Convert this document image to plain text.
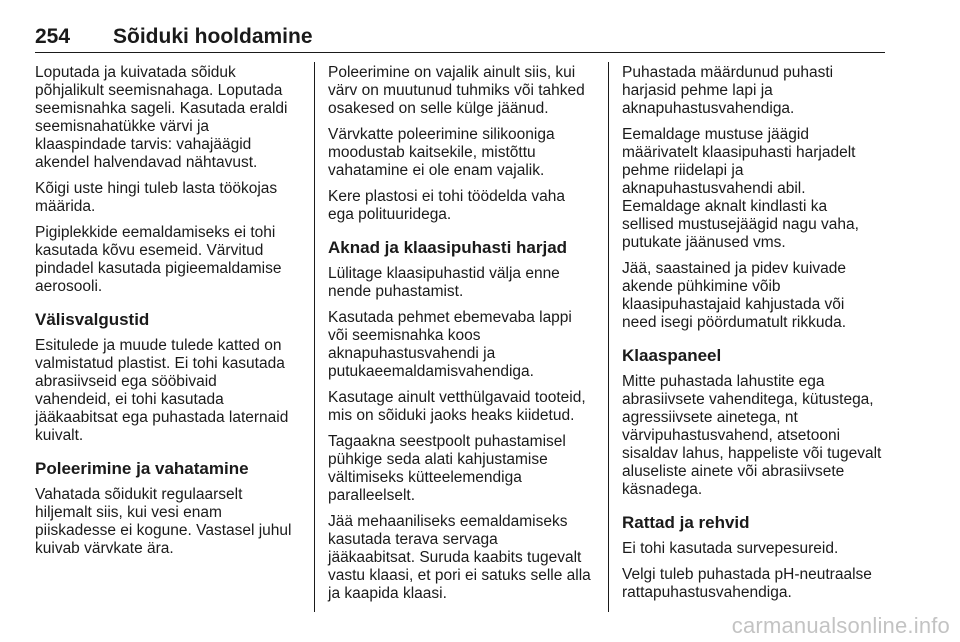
254 Sõiduki hooldamine
Loputada ja kuivatada sõiduk
põhjalikult seemisnahaga. Loputada
seemisnahka sageli. Kasutada eraldi
seemisnahatükke värvi ja
klaaspindade tarvis: vahajäägid
akendel halvendavad nähtavust.
Kõigi uste hingi tuleb lasta töökojas
määrida.
Pigiplekkide eemaldamiseks ei tohi
kasutada kõvu esemeid. Värvitud
pindadel kasutada pigieemaldamise
aerosooli.
Välisvalgustid
Esitulede ja muude tulede katted on
valmistatud plastist. Ei tohi kasutada
abrasiivseid ega sööbivaid
vahendeid, ei tohi kasutada
jääkaabitsat ega puhastada laternaid
kuivalt.
Poleerimine ja vahatamine
Vahatada sõidukit regulaarselt
hiljemalt siis, kui vesi enam
piiskadesse ei kogune. Vastasel juhul
kuivab värvkate ära.
Poleerimine on vajalik ainult siis, kui
värv on muutunud tuhmiks või tahked
osakesed on selle külge jäänud.
Värvkatte poleerimine silikooniga
moodustab kaitsekile, mistõttu
vahatamine ei ole enam vajalik.
Kere plastosi ei tohi töödelda vaha
ega polituuridega.
Aknad ja klaasipuhasti harjad
Lülitage klaasipuhastid välja enne
nende puhastamist.
Kasutada pehmet ebemevaba lappi
või seemisnahka koos
aknapuhastusvahendi ja
putukaeemaldamisvahendiga.
Kasutage ainult vetthülgavaid tooteid,
mis on sõiduki jaoks heaks kiidetud.
Tagaakna seestpoolt puhastamisel
pühkige seda alati kahjustamise
vältimiseks kütteelemendiga
paralleelselt.
Jää mehaaniliseks eemaldamiseks
kasutada terava servaga
jääkaabitsat. Suruda kaabits tugevalt
vastu klaasi, et pori ei satuks selle alla
ja kaapida klaasi.
Puhastada määrdunud puhasti
harjasid pehme lapi ja
aknapuhastusvahendiga.
Eemaldage mustuse jäägid
määrivatelt klaasipuhasti harjadelt
pehme riidelapi ja
aknapuhastusvahendi abil.
Eemaldage aknalt kindlasti ka
sellised mustusejäägid nagu vaha,
putukate jäänused vms.
Jää, saastained ja pidev kuivade
akende pühkimine võib
klaasipuhastajaid kahjustada või
need isegi pöördumatult rikkuda.
Klaaspaneel
Mitte puhastada lahustite ega
abrasiivsete vahenditega, kütustega,
agressiivsete ainetega, nt
värvipuhastusvahend, atsetooni
sisaldav lahus, happeliste või tugevalt
aluseliste ainete või abrasiivsete
käsnadega.
Rattad ja rehvid
Ei tohi kasutada survepesureid.
Velgi tuleb puhastada pH-neutraalse
rattapuhastusvahendiga.
carmanualsonline.info
